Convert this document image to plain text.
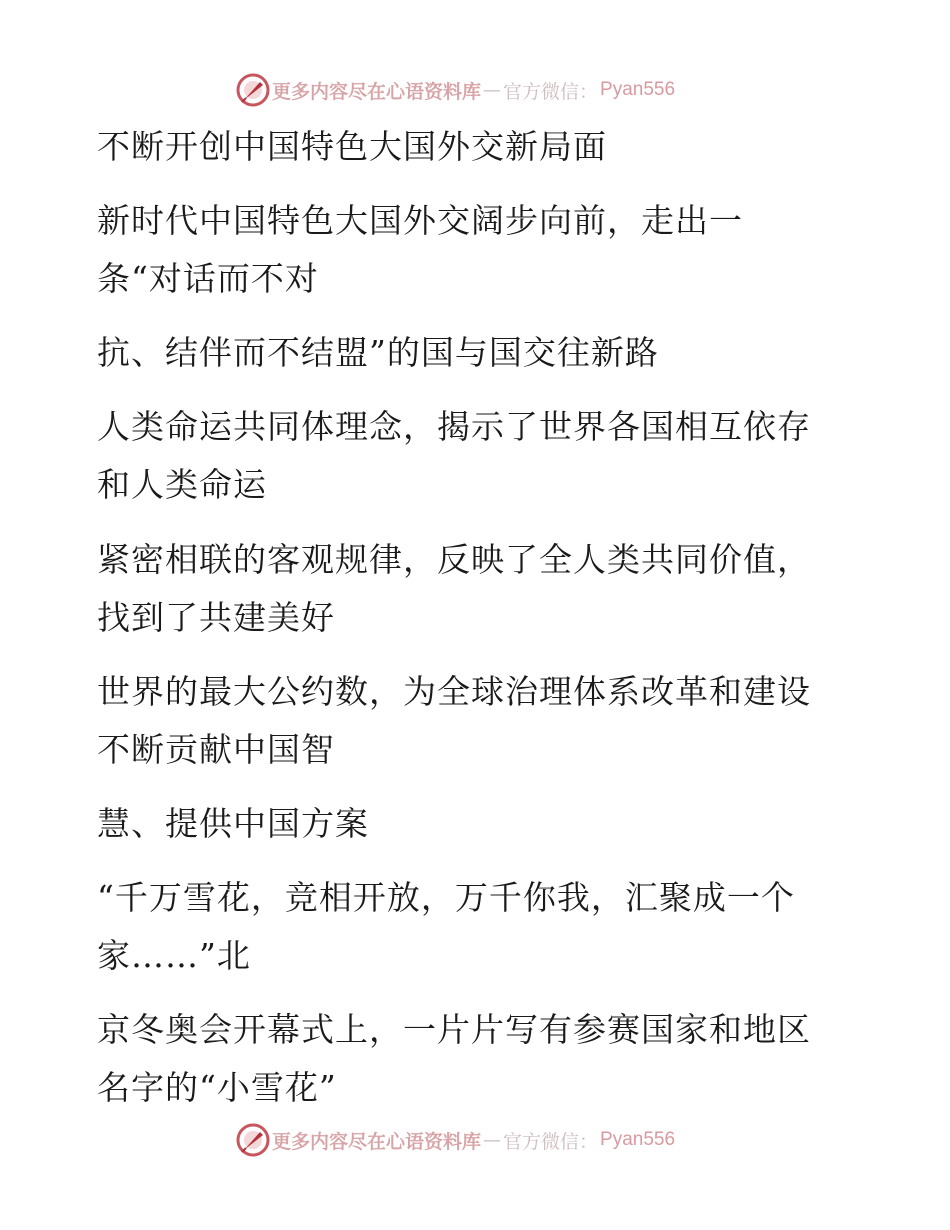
更多内容尽在心语资料库 — 官方微信： Pyan556
不断开创中国特色大国外交新局面
新时代中国特色大国外交阔步向前，走出一
条“对话而不对
抗、结伴而不结盟”的国与国交往新路
人类命运共同体理念，揭示了世界各国相互依存
和人类命运
紧密相联的客观规律，反映了全人类共同价值，
找到了共建美好
世界的最大公约数，为全球治理体系改革和建设
不断贡献中国智
慧、提供中国方案
“千万雪花，竞相开放，万千你我，汇聚成一个
家……”北
京冬奥会开幕式上，一片片写有参赛国家和地区
名字的“小雪花”
更多内容尽在心语资料库 — 官方微信： Pyan556
